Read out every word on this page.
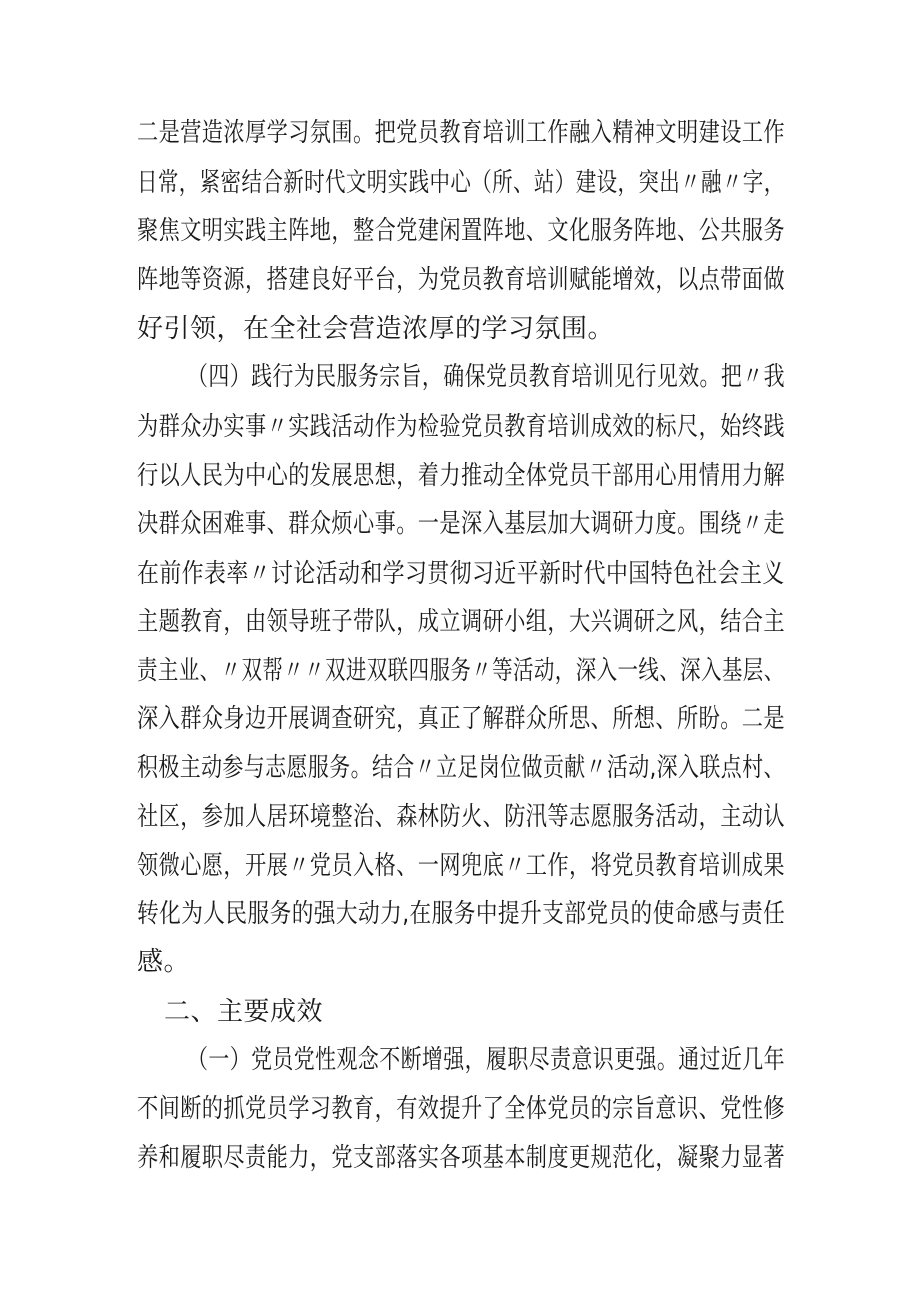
二是营造浓厚学习氛围。把党员教育培训工作融入精神文明建设工作
日常，紧密结合新时代文明实践中心（所、站）建设，突出〃融〃字，
聚焦文明实践主阵地，整合党建闲置阵地、文化服务阵地、公共服务
阵地等资源，搭建良好平台，为党员教育培训赋能增效，以点带面做
好引领，在全社会营造浓厚的学习氛围。
（四）践行为民服务宗旨，确保党员教育培训见行见效。把〃我
为群众办实事〃实践活动作为检验党员教育培训成效的标尺，始终践
行以人民为中心的发展思想，着力推动全体党员干部用心用情用力解
决群众困难事、群众烦心事。一是深入基层加大调研力度。围绕〃走
在前作表率〃讨论活动和学习贯彻习近平新时代中国特色社会主义
主题教育，由领导班子带队，成立调研小组，大兴调研之风，结合主
责主业、〃双帮〃〃双进双联四服务〃等活动，深入一线、深入基层、
深入群众身边开展调查研究，真正了解群众所思、所想、所盼。二是
积极主动参与志愿服务。结合〃立足岗位做贡献〃活动,深入联点村、
社区，参加人居环境整治、森林防火、防汛等志愿服务活动，主动认
领微心愿，开展〃党员入格、一网兜底〃工作，将党员教育培训成果
转化为人民服务的强大动力,在服务中提升支部党员的使命感与责任
感。
二、主要成效
（一）党员党性观念不断增强，履职尽责意识更强。通过近几年
不间断的抓党员学习教育，有效提升了全体党员的宗旨意识、党性修
养和履职尽责能力，党支部落实各项基本制度更规范化，凝聚力显著
